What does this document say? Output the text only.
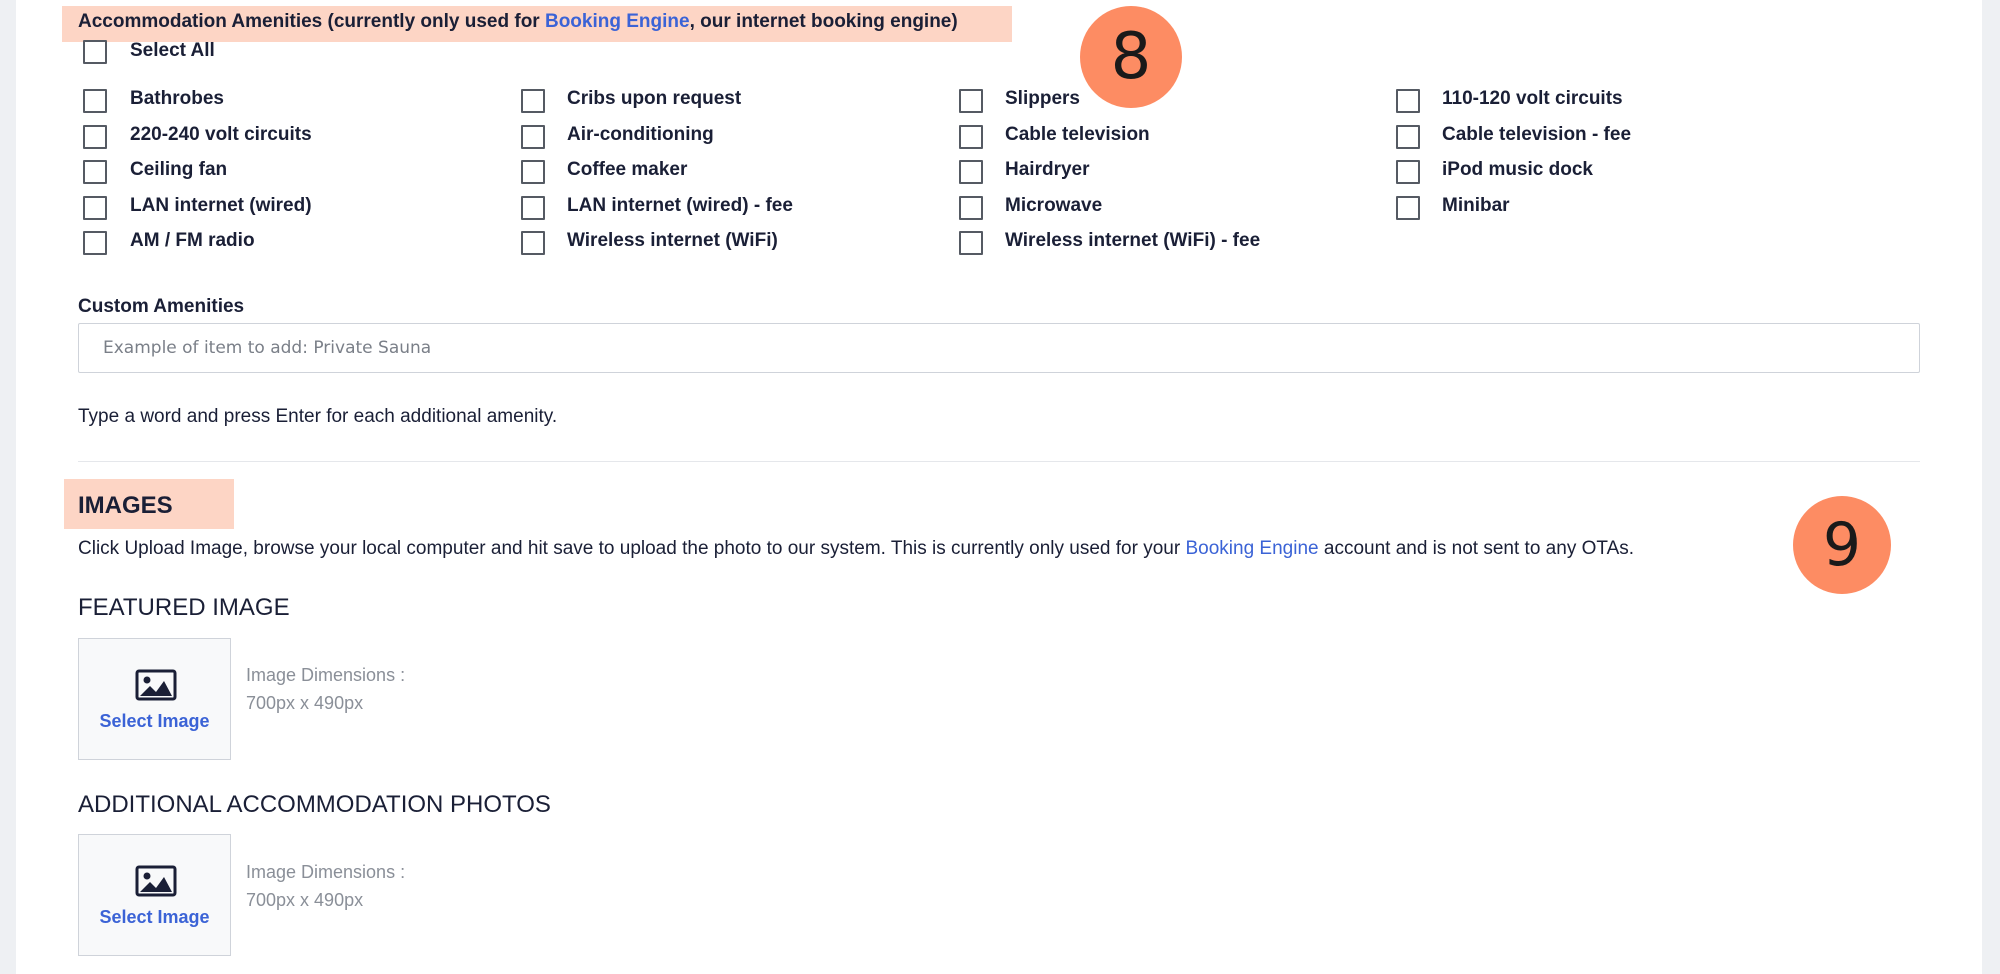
Accommodation Amenities (currently only used for Booking Engine, our internet booking engine)
Select All
Bathrobes	Cribs upon request	Slippers	110-120 volt circuits
220-240 volt circuits	Air-conditioning	Cable television	Cable television - fee
Ceiling fan	Coffee maker	Hairdryer	iPod music dock
LAN internet (wired)	LAN internet (wired) - fee	Microwave	Minibar
AM / FM radio	Wireless internet (WiFi)	Wireless internet (WiFi) - fee
8
Custom Amenities
Example of item to add: Private Sauna
Type a word and press Enter for each additional amenity.
IMAGES
Click Upload Image, browse your local computer and hit save to upload the photo to our system. This is currently only used for your Booking Engine account and is not sent to any OTAs.	9
FEATURED IMAGE
Select Image
Image Dimensions :
700px x 490px
ADDITIONAL ACCOMMODATION PHOTOS
Select Image
Image Dimensions :
700px x 490px
